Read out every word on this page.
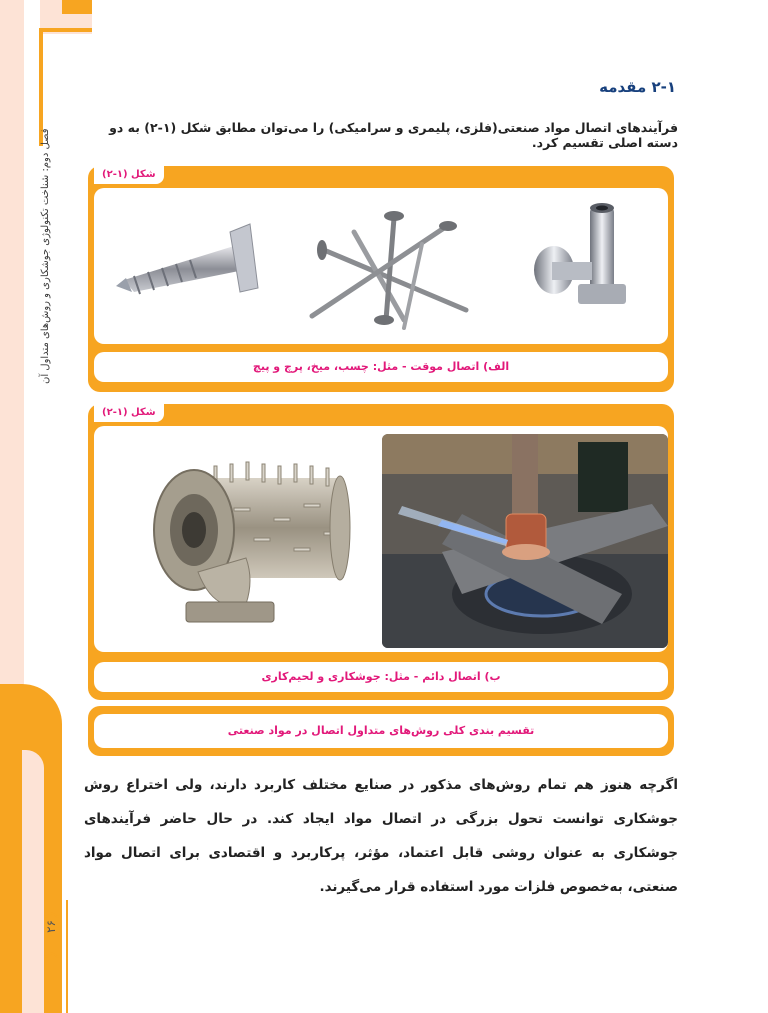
فصل دوم: شناخت تکنولوژی جوشکاری و روش‌های متداول آن
︽
۲۶
︽
۲-۱ مقدمه
فرآیندهای اتصال مواد صنعتی(فلزی، پلیمری و سرامیکی) را می‌توان مطابق شکل (۱-۲) به دو دسته اصلی تقسیم کرد.
شکل (۱-۲)
الف) اتصال موقت - مثل: چسب، میخ، پرچ و پیچ
شکل (۱-۲)
ب) اتصال دائم - مثل: جوشکاری و لحیم‌کاری
تقسیم بندی کلی روش‌های متداول اتصال در مواد صنعتی
اگرچه هنوز هم تمام روش‌های مذکور در صنایع مختلف کاربرد دارند، ولی اختراع روش جوشکاری توانست تحول بزرگی در اتصال مواد ایجاد کند. در حال حاضر فرآیندهای جوشکاری به عنوان روشی قابل اعتماد، مؤثر، پرکاربرد و اقتصادی برای اتصال مواد صنعتی، به‌خصوص فلزات مورد استفاده قرار می‌گیرند.
